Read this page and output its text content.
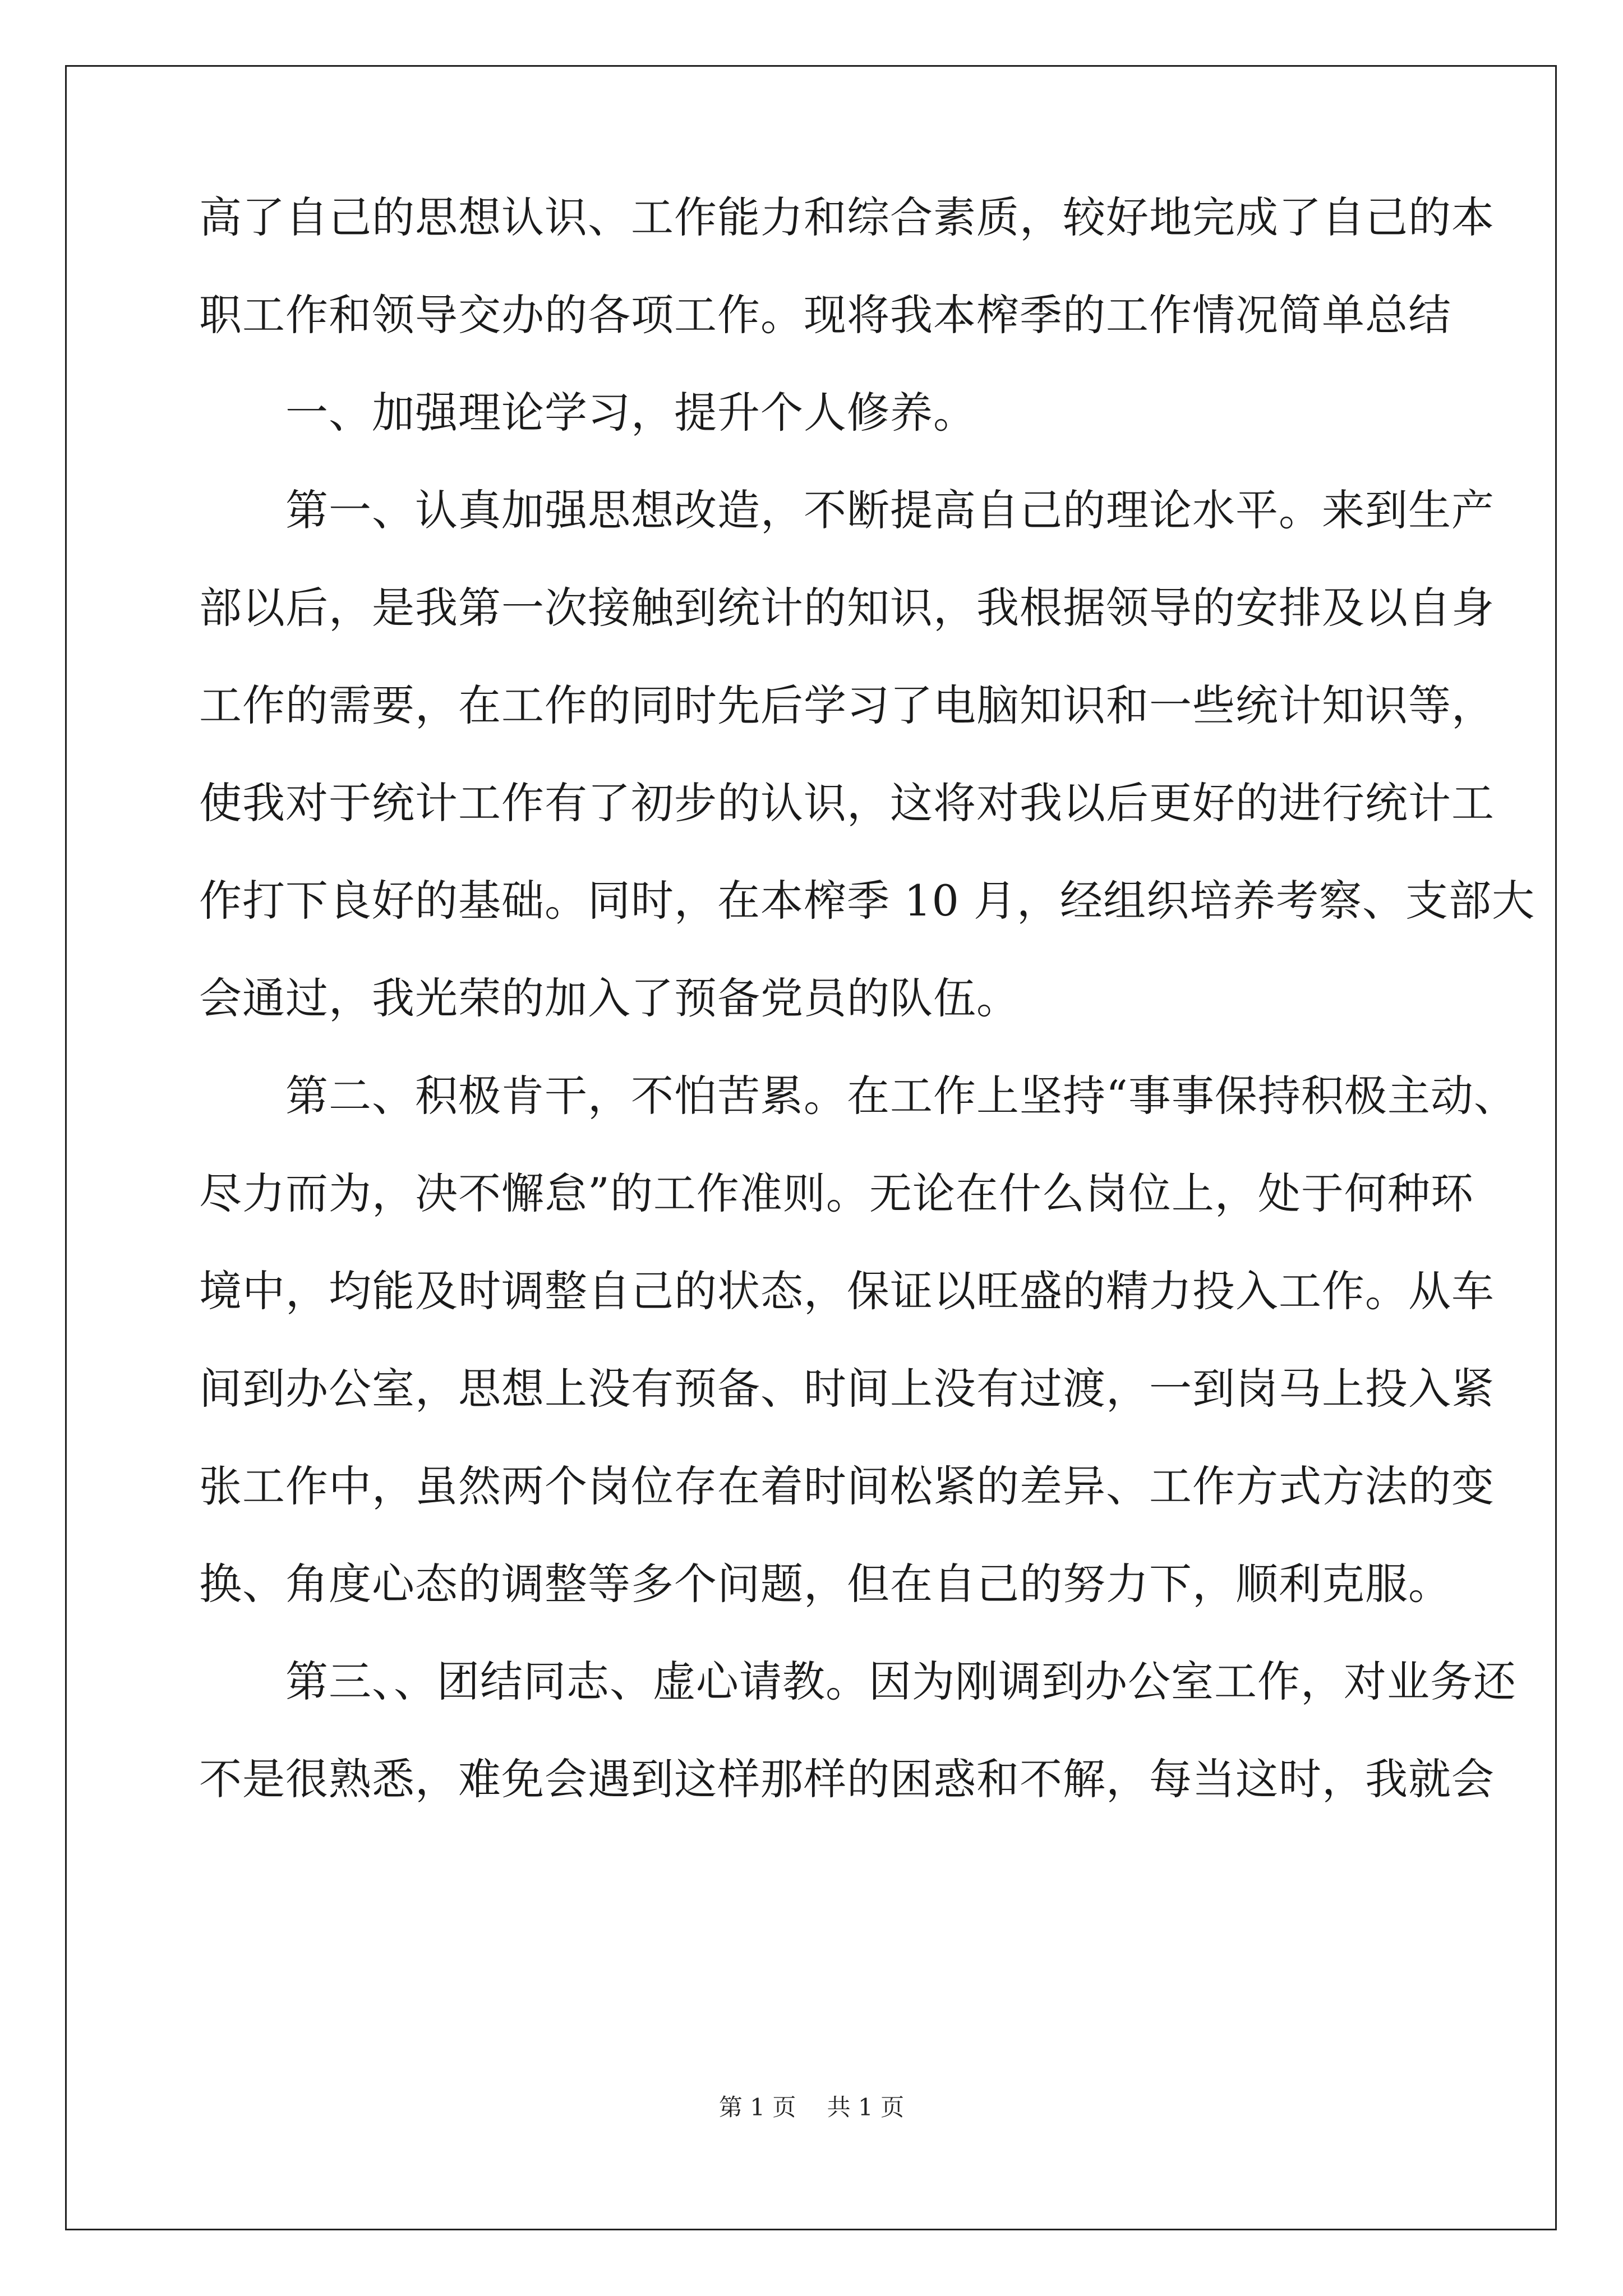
高了自己的思想认识、工作能力和综合素质，较好地完成了自己的本
职工作和领导交办的各项工作。现将我本榨季的工作情况简单总结
　　一、加强理论学习，提升个人修养。
　　第一、认真加强思想改造，不断提高自己的理论水平。来到生产
部以后，是我第一次接触到统计的知识，我根据领导的安排及以自身
工作的需要，在工作的同时先后学习了电脑知识和一些统计知识等，
使我对于统计工作有了初步的认识，这将对我以后更好的进行统计工
作打下良好的基础。同时，在本榨季 10 月，经组织培养考察、支部大
会通过，我光荣的加入了预备党员的队伍。
　　第二、积极肯干，不怕苦累。在工作上坚持“事事保持积极主动、
尽力而为，决不懈怠”的工作准则。无论在什么岗位上，处于何种环
境中，均能及时调整自己的状态，保证以旺盛的精力投入工作。从车
间到办公室，思想上没有预备、时间上没有过渡，一到岗马上投入紧
张工作中，虽然两个岗位存在着时间松紧的差异、工作方式方法的变
换、角度心态的调整等多个问题，但在自己的努力下，顺利克服。
　　第三、、团结同志、虚心请教。因为刚调到办公室工作，对业务还
不是很熟悉，难免会遇到这样那样的困惑和不解，每当这时，我就会
第 1 页　 共 1 页
